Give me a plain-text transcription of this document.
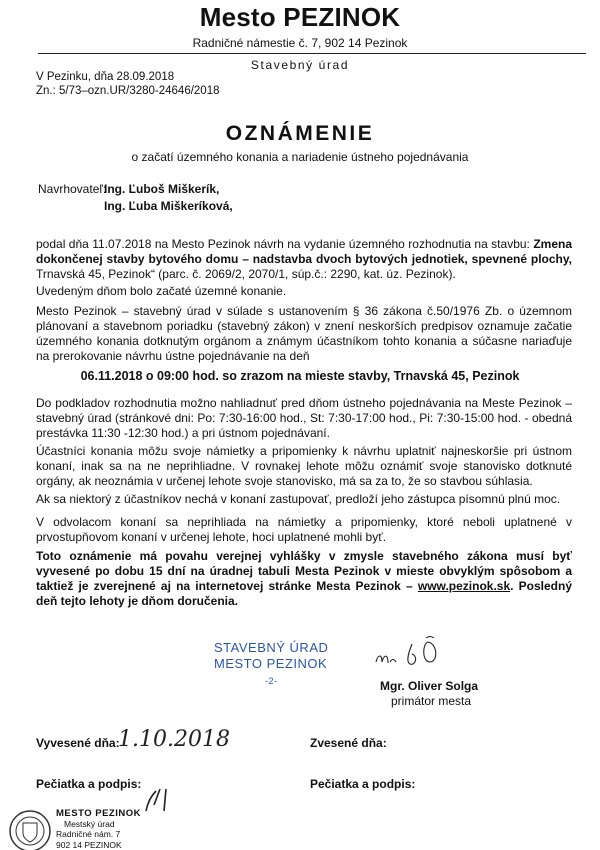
Mesto PEZINOK
Radničné námestie č. 7, 902 14 Pezinok
Stavebný úrad
V Pezinku, dňa 28.09.2018
Zn.: 5/73–ozn.UR/3280-24646/2018
OZNÁMENIE
o začatí územného konania a nariadenie ústneho pojednávania
Navrhovateľ:
Ing. Ľuboš Miškerík,
Ing. Ľuba Miškeríková,
podal dňa 11.07.2018 na Mesto Pezinok návrh na vydanie územného rozhodnutia na stavbu: Zmena dokončenej stavby bytového domu – nadstavba dvoch bytových jednotiek, spevnené plochy, Trnavská 45, Pezinok“ (parc. č. 2069/2, 2070/1, súp.č.: 2290, kat. úz. Pezinok).
Uvedeným dňom bolo začaté územné konanie.
Mesto Pezinok – stavebný úrad v súlade s ustanovením § 36 zákona č.50/1976 Zb. o územnom plánovaní a stavebnom poriadku (stavebný zákon) v znení neskorších predpisov oznamuje začatie územného konania dotknutým orgánom a známym účastníkom tohto konania a súčasne nariaďuje na prerokovanie návrhu ústne pojednávanie na deň
06.11.2018 o 09:00 hod. so zrazom na mieste stavby, Trnavská 45, Pezinok
Do podkladov rozhodnutia možno nahliadnuť pred dňom ústneho pojednávania na Meste Pezinok – stavebný úrad (stránkové dni: Po: 7:30-16:00 hod., St: 7:30-17:00 hod., Pi: 7:30-15:00 hod. - obedná prestávka 11:30 -12:30 hod.) a pri ústnom pojednávaní.
Účastníci konania môžu svoje námietky a pripomienky k návrhu uplatniť najneskoršie pri ústnom konaní, inak sa na ne neprihliadne. V rovnakej lehote môžu oznámiť svoje stanovisko dotknuté orgány, ak neoznámia v určenej lehote svoje stanovisko, má sa za to, že so stavbou súhlasia.
Ak sa niektorý z účastníkov nechá v konaní zastupovať, predloží jeho zástupca písomnú plnú moc.
V odvolacom konaní sa neprihliada na námietky a pripomienky, ktoré neboli uplatnené v prvostupňovom konaní v určenej lehote, hoci uplatnené mohli byť.
Toto oznámenie má povahu verejnej vyhlášky v zmysle stavebného zákona musí byť vyvesené po dobu 15 dní na úradnej tabuli Mesta Pezinok v mieste obvyklým spôsobom a taktiež je zverejnené aj na internetovej stránke Mesta Pezinok – www.pezinok.sk. Posledný deň tejto lehoty je dňom doručenia.
STAVEBNÝ ÚRAD
MESTO PEZINOK
-2-	Mgr. Oliver Solga
primátor mesta
Vyvesené dňa:
1.10.2018	Zvesené dňa:
Pečiatka a podpis:	Pečiatka a podpis:
MESTO PEZINOK
Mestský úrad
Radničné nám. 7
902 14 PEZINOK
